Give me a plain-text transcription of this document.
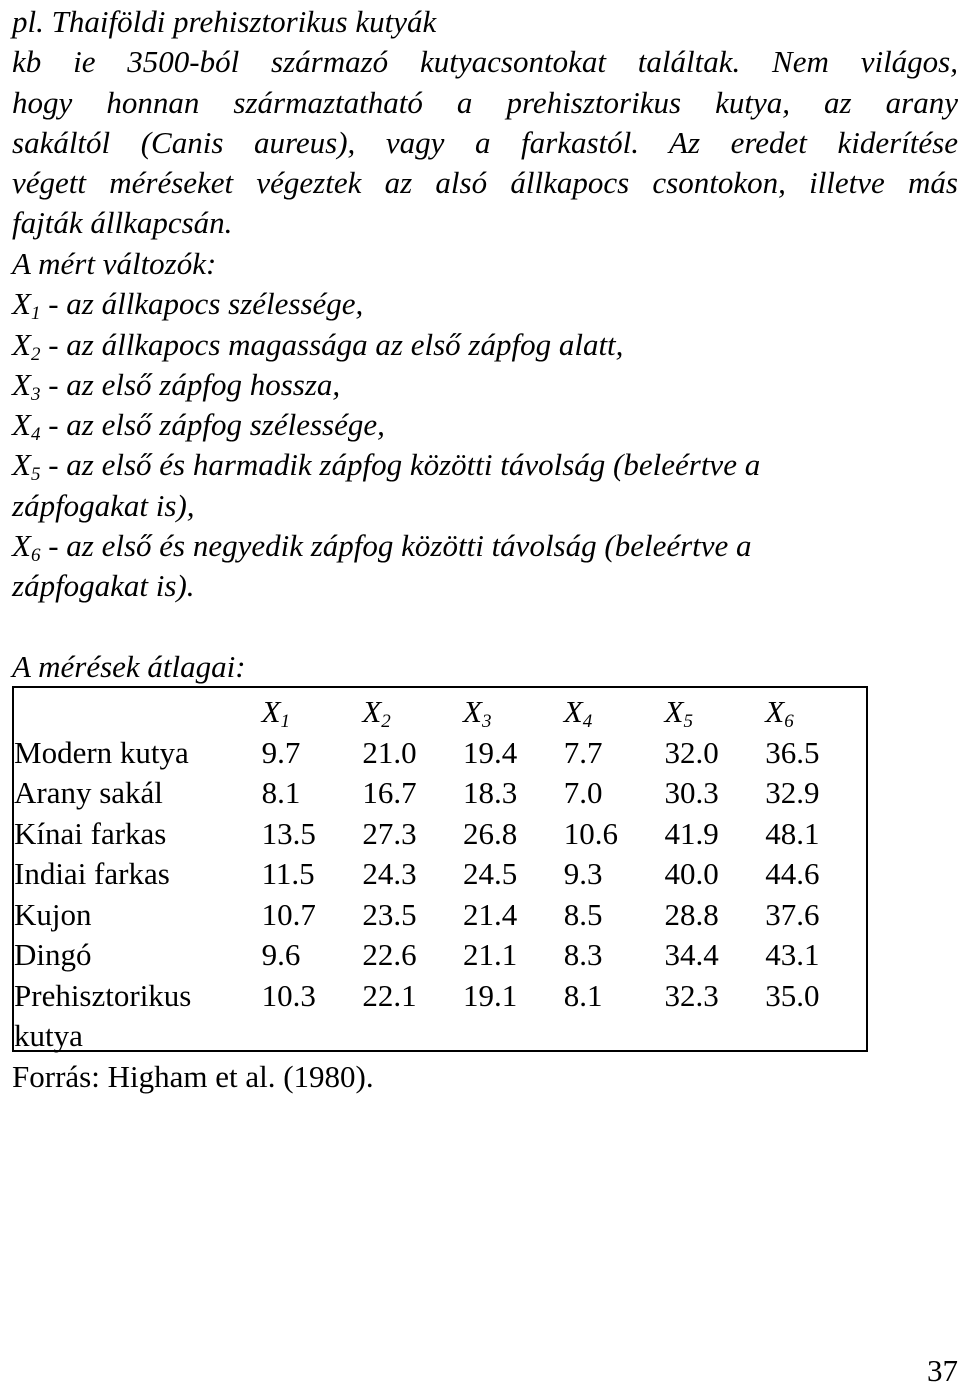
pl. Thaiföldi prehisztorikus kutyák
kb ie 3500-ból származó kutyacsontokat találtak. Nem világos,
hogy honnan származtatható a prehisztorikus kutya, az arany
sakáltól (Canis aureus), vagy a farkastól. Az eredet kiderítése
végett méréseket végeztek az alsó állkapocs csontokon, illetve más
fajták állkapcsán.
A mért változók:
$X_1$ - az állkapocs szélessége,
$X_2$ - az állkapocs magassága az első zápfog alatt,
$X_3$ - az első zápfog hossza,
$X_4$ - az első zápfog szélessége,
$X_5$ - az első és harmadik zápfog közötti távolság (beleértve a
zápfogakat is),
$X_6$ - az első és negyedik zápfog közötti távolság (beleértve a
zápfogakat is).
A mérések átlagai:
	$X_1$	$X_2$	$X_3$	$X_4$	$X_5$	$X_6$
Modern kutya	9.7	21.0	19.4	7.7	32.0	36.5
Arany sakál	8.1	16.7	18.3	7.0	30.3	32.9
Kínai farkas	13.5	27.3	26.8	10.6	41.9	48.1
Indiai farkas	11.5	24.3	24.5	9.3	40.0	44.6
Kujon	10.7	23.5	21.4	8.5	28.8	37.6
Dingó	9.6	22.6	21.1	8.3	34.4	43.1
Prehisztorikus	10.3	22.1	19.1	8.1	32.3	35.0
kutya						
Forrás: Higham et al. (1980).
37
